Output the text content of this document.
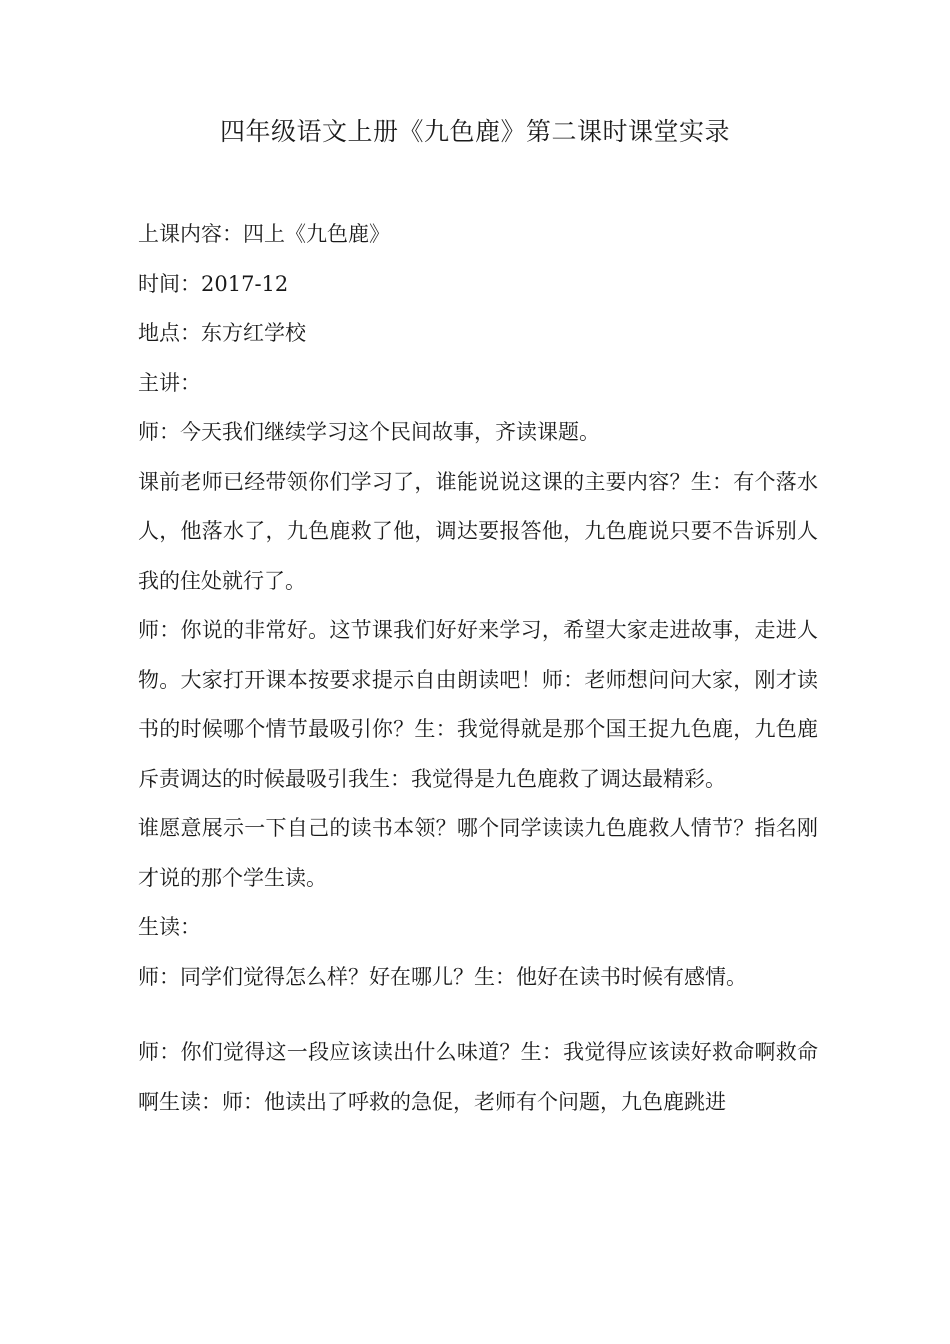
四年级语文上册《九色鹿》第二课时课堂实录

上课内容：四上《九色鹿》

时间：2017-12

地点：东方红学校

主讲：

师：今天我们继续学习这个民间故事，齐读课题。

课前老师已经带领你们学习了，谁能说说这课的主要内容？生：有个落水人，他落水了，九色鹿救了他，调达要报答他，九色鹿说只要不告诉别人我的住处就行了。

师：你说的非常好。这节课我们好好来学习，希望大家走进故事，走进人物。大家打开课本按要求提示自由朗读吧！师：老师想问问大家，刚才读书的时候哪个情节最吸引你？生：我觉得就是那个国王捉九色鹿，九色鹿斥责调达的时候最吸引我生：我觉得是九色鹿救了调达最精彩。

谁愿意展示一下自己的读书本领？哪个同学读读九色鹿救人情节？指名刚才说的那个学生读。

生读：

师：同学们觉得怎么样？好在哪儿？生：他好在读书时候有感情。

师：你们觉得这一段应该读出什么味道？生：我觉得应该读好救命啊救命啊生读：师：他读出了呼救的急促，老师有个问题，九色鹿跳进
